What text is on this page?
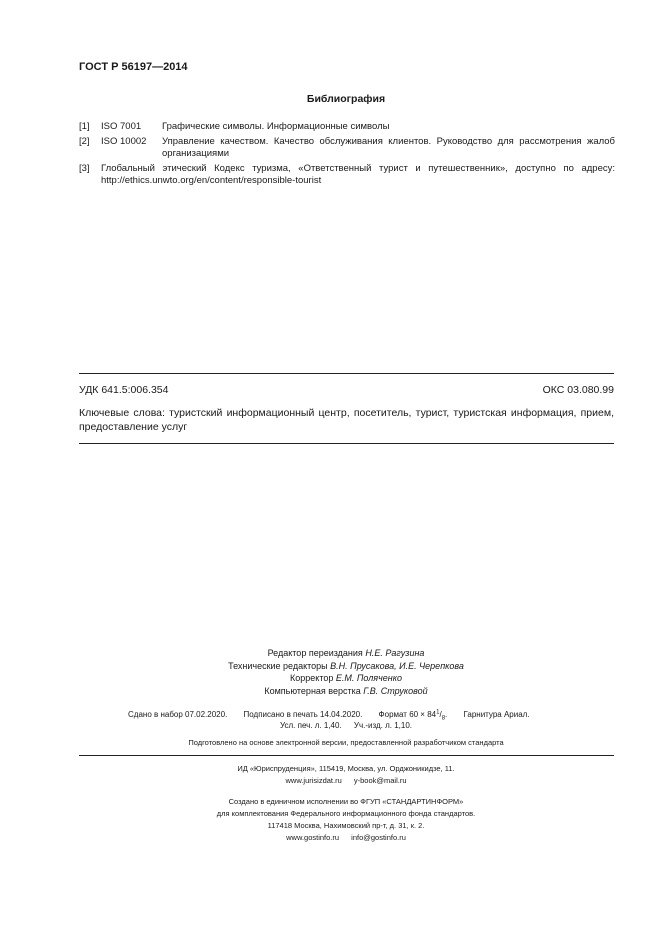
ГОСТ Р 56197—2014
Библиография
[1]	ISO 7001	Графические символы. Информационные символы
[2]	ISO 10002	Управление качеством. Качество обслуживания клиентов. Руководство для рассмотрения жалоб организациями
[3]	Глобальный этический Кодекс туризма, «Ответственный турист и путешественник», доступно по адресу: http://ethics.unwto.org/en/content/responsible-tourist
УДК 641.5:006.354	ОКС 03.080.99
Ключевые слова: туристский информационный центр, посетитель, турист, туристская информация, прием, предоставление услуг
Редактор переиздания Н.Е. Рагузина
Технические редакторы В.Н. Прусакова, И.Е. Черепкова
Корректор Е.М. Поляченко
Компьютерная верстка Г.В. Струковой
Сдано в набор 07.02.2020. Подписано в печать 14.04.2020. Формат $60 \times 84^1/_8$. Гарнитура Ариал.
Усл. печ. л. 1,40. Уч.-изд. л. 1,10.
Подготовлено на основе электронной версии, предоставленной разработчиком стандарта
ИД «Юриспруденция», 115419, Москва, ул. Орджоникидзе, 11.
www.jurisizdat.ru y-book@mail.ru
Создано в единичном исполнении во ФГУП «СТАНДАРТИНФОРМ»
для комплектования Федерального информационного фонда стандартов.
117418 Москва, Нахимовский пр-т, д. 31, к. 2.
www.gostinfo.ru info@gostinfo.ru
